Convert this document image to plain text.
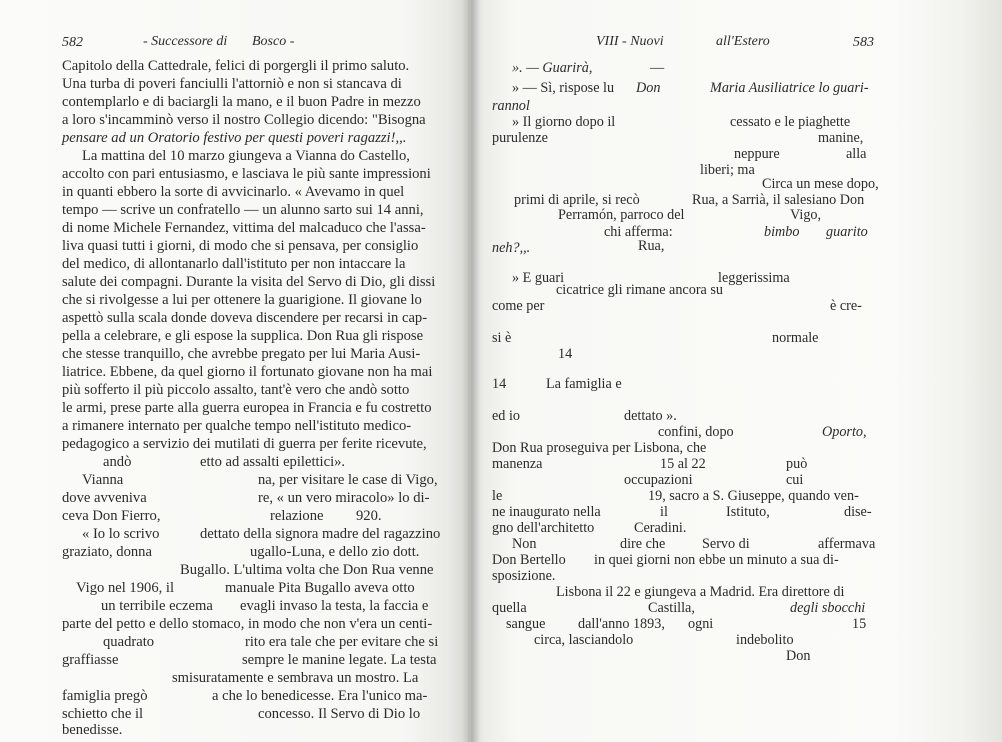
582	- Successore di Bosco -	VIII - Nuovi	all'Estero	583
Capitolo della Cattedrale, felici di porgergli il primo saluto.
Una turba di poveri fanciulli l'attorniò e non si stancava di
contemplarlo e di baciargli la mano, e il buon Padre in mezzo
a loro s'incamminò verso il nostro Collegio dicendo: "Bisogna
pensare ad un Oratorio festivo per questi poveri ragazzi!,,.
La mattina del 10 marzo giungeva a Vianna do Castello,
accolto con pari entusiasmo, e lasciava le più sante impressioni
in quanti ebbero la sorte di avvicinarlo. « Avevamo in quel
tempo — scrive un confratello — un alunno sarto sui 14 anni,
di nome Michele Fernandez, vittima del malcaduco che l'assa-
liva quasi tutti i giorni, di modo che si pensava, per consiglio
del medico, di allontanarlo dall'istituto per non intaccare la
salute dei compagni. Durante la visita del Servo di Dio, gli dissi
che si rivolgesse a lui per ottenere la guarigione. Il giovane lo
aspettò sulla scala donde doveva discendere per recarsi in cap-
pella a celebrare, e gli espose la supplica. Don Rua gli rispose
che stesse tranquillo, che avrebbe pregato per lui Maria Ausi-
liatrice. Ebbene, da quel giorno il fortunato giovane non ha mai
più sofferto il più piccolo assalto, tant'è vero che andò sotto
le armi, prese parte alla guerra europea in Francia e fu costretto
a rimanere internato per qualche tempo nell'istituto medico-
pedagogico a servizio dei mutilati di guerra per ferite ricevute,
andò	etto ad assalti epilettici».
Vianna	na, per visitare le case di Vigo,
dove avveniva	re, « un vero miracolo» lo di-
ceva Don Fierro,	relazione 920.
« Io lo scrivo	dettato della signora madre del ragazzino
graziato, donna	ugallo-Luna, e dello zio dott.
Bugallo. L'ultima volta che Don Rua venne
Vigo nel 1906, il	manuale Pita Bugallo aveva otto
un terribile eczema evagli invaso la testa, la faccia e
parte del petto e dello stomaco, in modo che non v'era un centi-
quadrato	rito era tale che per evitare che si
graffiasse	sempre le manine legate. La testa
smisuratamente e sembrava un mostro. La
famiglia pregò	a che lo benedicesse. Era l'unico ma-
schietto che il	concesso. Il Servo di Dio lo
benedisse.
». — Guarirà,	—
» — Sì, rispose lu Don	Maria Ausiliatrice lo guari-
rannol
» Il giorno dopo il	cessato e le piaghette
purulenze	manine,
neppure	alla
liberi; ma
Circa un mese dopo,
primi di aprile, si recò	Rua, a Sarrià, il salesiano Don
Perramón, parroco del	Vigo,
chi afferma:	bimbo guarito
neh?,,.	Rua,
» E guari	leggerissima
cicatrice gli rimane ancora su
come per	è cre-
si è	normale
14
14	La famiglia e
ed io	dettato ».
confini, dopo	Oporto,
Don Rua proseguiva per Lisbona, che
manenza	15 al 22	può
occupazioni	cui
le	19, sacro a S. Giuseppe, quando ven-
ne inaugurato nella	il	Istituto,	dise-
gno dell'architetto	Ceradini.
Non	dire che	Servo di	affermava
Don Bertello in quei giorni non ebbe un minuto a sua di-
sposizione.
Lisbona il 22 e giungeva a Madrid. Era direttore di
quella	Castilla,	degli sbocchi
sangue dall'anno 1893, ogni	15
circa, lasciandolo	indebolito
Don
